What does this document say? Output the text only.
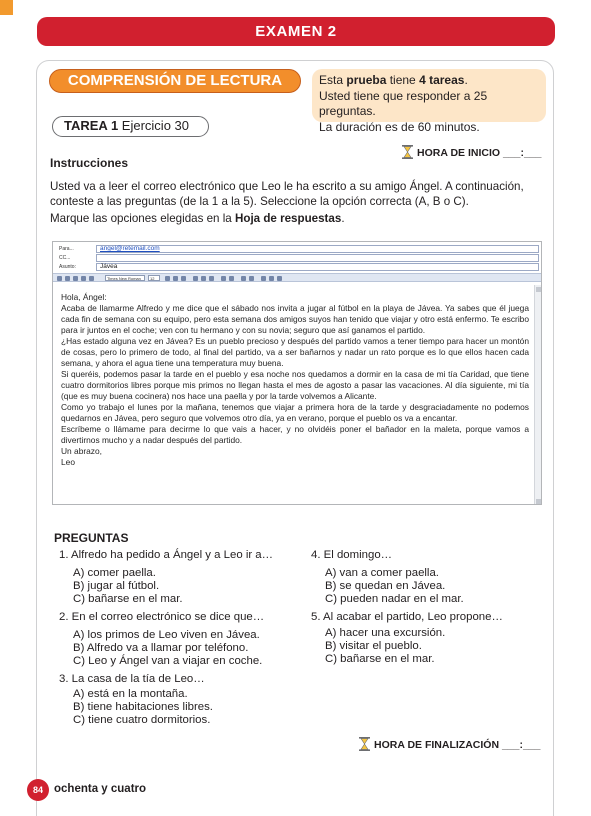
EXAMEN 2
COMPRENSIÓN DE LECTURA	Esta prueba tiene 4 tareas.
Usted tiene que responder a 25 preguntas.
La duración es de 60 minutos.
TAREA 1 Ejercicio 30
HORA DE INICIO ___:___
Instrucciones

Usted va a leer el correo electrónico que Leo le ha escrito a su amigo Ángel. A continuación, conteste a las preguntas (de la 1 a la 5). Seleccione la opción correcta (A, B o C).

Marque las opciones elegidas en la Hoja de respuestas.
Para...	angel@retemail.com
CC...
Asunto:	Jávea
Times New Roman	12

Hola, Ángel:

Acaba de llamarme Alfredo y me dice que el sábado nos invita a jugar al fútbol en la playa de Jávea. Ya sabes que él juega cada fin de semana con su equipo, pero esta semana dos amigos suyos han tenido que viajar y otro está enfermo. Te escribo para ir juntos en el coche; ven con tu hermano y con su novia; seguro que así ganamos el partido.

¿Has estado alguna vez en Jávea? Es un pueblo precioso y después del partido vamos a tener tiempo para hacer un montón de cosas, pero lo primero de todo, al final del partido, va a ser bañarnos y nadar un rato porque es lo que ellos hacen cada semana, y ahora el agua tiene una temperatura muy buena.

Si queréis, podemos pasar la tarde en el pueblo y esa noche nos quedamos a dormir en la casa de mi tía Caridad, que tiene cuatro dormitorios libres porque mis primos no llegan hasta el mes de agosto a pasar las vacaciones. Al día siguiente, mi tía (que es muy buena cocinera) nos hace una paella y por la tarde volvemos a Alicante.

Como yo trabajo el lunes por la mañana, tenemos que viajar a primera hora de la tarde y desgraciadamente no podemos quedarnos en Jávea, pero seguro que volvemos otro día, ya en verano, porque el pueblo os va a encantar.

Escríbeme o llámame para decirme lo que vais a hacer, y no olvidéis poner el bañador en la maleta, porque vamos a divertirnos mucho y a nadar después del partido.

Un abrazo,

Leo

PREGUNTAS
1. Alfredo ha pedido a Ángel y a Leo ir a…
A) comer paella.
B) jugar al fútbol.
C) bañarse en el mar.
2. En el correo electrónico se dice que…
A) los primos de Leo viven en Jávea.
B) Alfredo va a llamar por teléfono.
C) Leo y Ángel van a viajar en coche.
3. La casa de la tía de Leo…
A) está en la montaña.
B) tiene habitaciones libres.
C) tiene cuatro dormitorios.
4. El domingo…
A) van a comer paella.
B) se quedan en Jávea.
C) pueden nadar en el mar.
5. Al acabar el partido, Leo propone…
A) hacer una excursión.
B) visitar el pueblo.
C) bañarse en el mar.
HORA DE FINALIZACIÓN ___:___
84 ochenta y cuatro
